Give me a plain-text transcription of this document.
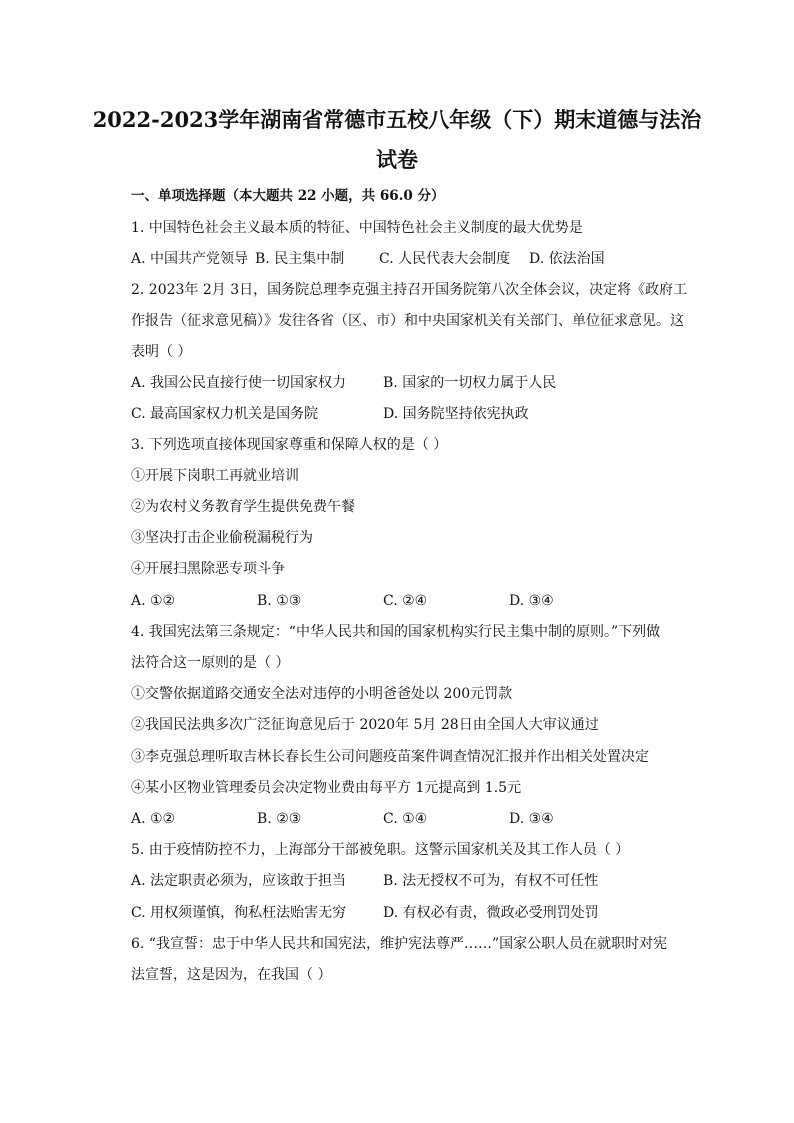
2022-2023学年湖南省常德市五校八年级（下）期末道德与法治
试卷
一、单项选择题（本大题共 22 小题，共 66.0 分）
1. 中国特色社会主义最本质的特征、中国特色社会主义制度的最大优势是
A. 中国共产党领导 B. 民主集中制 C. 人民代表大会制度 D. 依法治国
2. 2023年 2月 3日，国务院总理李克强主持召开国务院第八次全体会议，决定将《政府工
作报告（征求意见稿）》发往各省（区、市）和中央国家机关有关部门、单位征求意见。这
表明（ ）
A. 我国公民直接行使一切国家权力	B. 国家的一切权力属于人民
C. 最高国家权力机关是国务院	D. 国务院坚持依宪执政
3. 下列选项直接体现国家尊重和保障人权的是（ ）
①开展下岗职工再就业培训
②为农村义务教育学生提供免费午餐
③坚决打击企业偷税漏税行为
④开展扫黑除恶专项斗争
A. ①②	B. ①③	C. ②④	D. ③④
4. 我国宪法第三条规定：“中华人民共和国的国家机构实行民主集中制的原则。”下列做
法符合这一原则的是（ ）
①交警依据道路交通安全法对违停的小明爸爸处以 200元罚款
②我国民法典多次广泛征询意见后于 2020年 5月 28日由全国人大审议通过
③李克强总理听取吉林长春长生公司问题疫苗案件调查情况汇报并作出相关处置决定
④某小区物业管理委员会决定物业费由每平方 1元提高到 1.5元
A. ①②	B. ②③	C. ①④	D. ③④
5. 由于疫情防控不力，上海部分干部被免职。这警示国家机关及其工作人员（ ）
A. 法定职责必须为，应该敢于担当	B. 法无授权不可为，有权不可任性
C. 用权须谨慎，徇私枉法贻害无穷	D. 有权必有责，微政必受刑罚处罚
6. “我宣誓：忠于中华人民共和国宪法，维护宪法尊严……”国家公职人员在就职时对宪
法宣誓，这是因为，在我国（ ）
